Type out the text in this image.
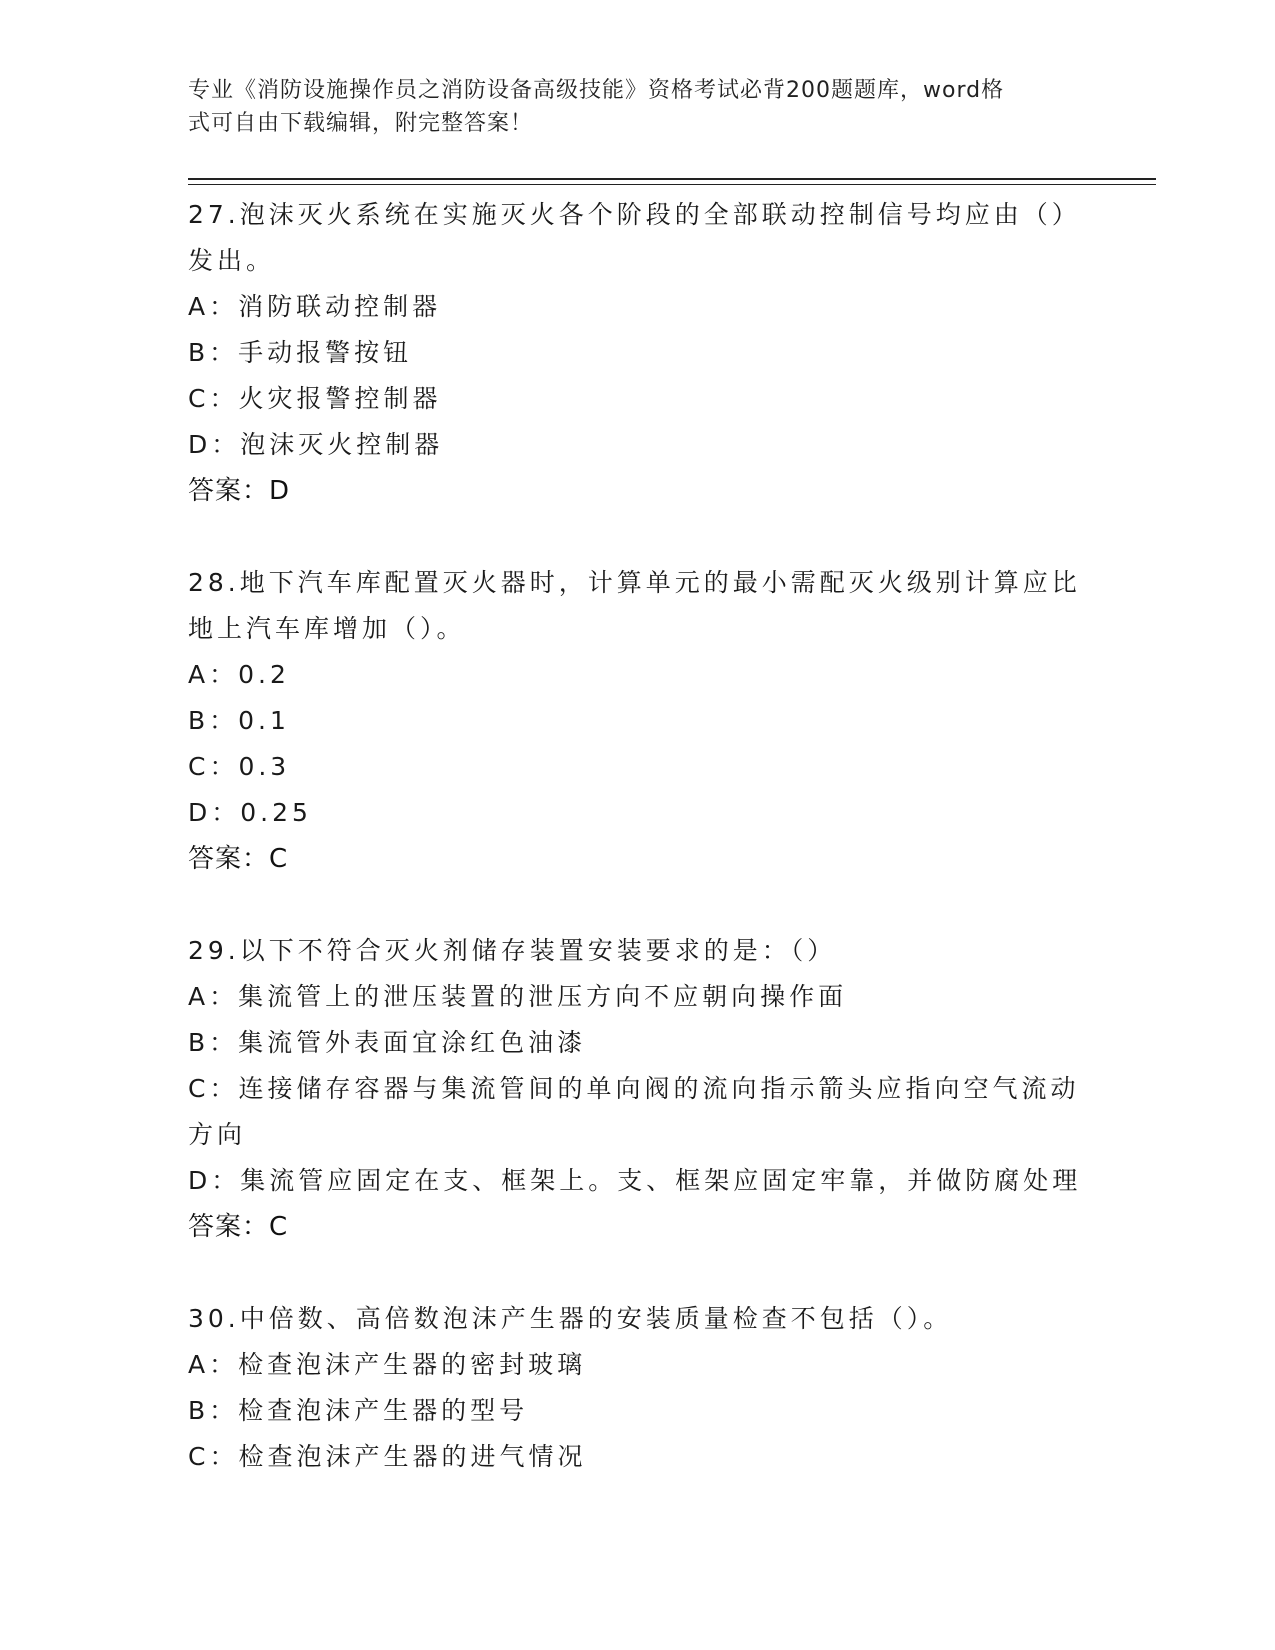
专业《消防设施操作员之消防设备高级技能》资格考试必背200题题库，word格
式可自由下载编辑，附完整答案！
27.泡沫灭火系统在实施灭火各个阶段的全部联动控制信号均应由（）
发出。
A：消防联动控制器
B：手动报警按钮
C：火灾报警控制器
D：泡沫灭火控制器
答案：D
28.地下汽车库配置灭火器时，计算单元的最小需配灭火级别计算应比
地上汽车库增加（）。
A：0.2
B：0.1
C：0.3
D：0.25
答案：C
29.以下不符合灭火剂储存装置安装要求的是：（）
A：集流管上的泄压装置的泄压方向不应朝向操作面
B：集流管外表面宜涂红色油漆
C：连接储存容器与集流管间的单向阀的流向指示箭头应指向空气流动
方向
D：集流管应固定在支、框架上。支、框架应固定牢靠，并做防腐处理
答案：C
30.中倍数、高倍数泡沫产生器的安装质量检查不包括（）。
A：检查泡沫产生器的密封玻璃
B：检查泡沫产生器的型号
C：检查泡沫产生器的进气情况
